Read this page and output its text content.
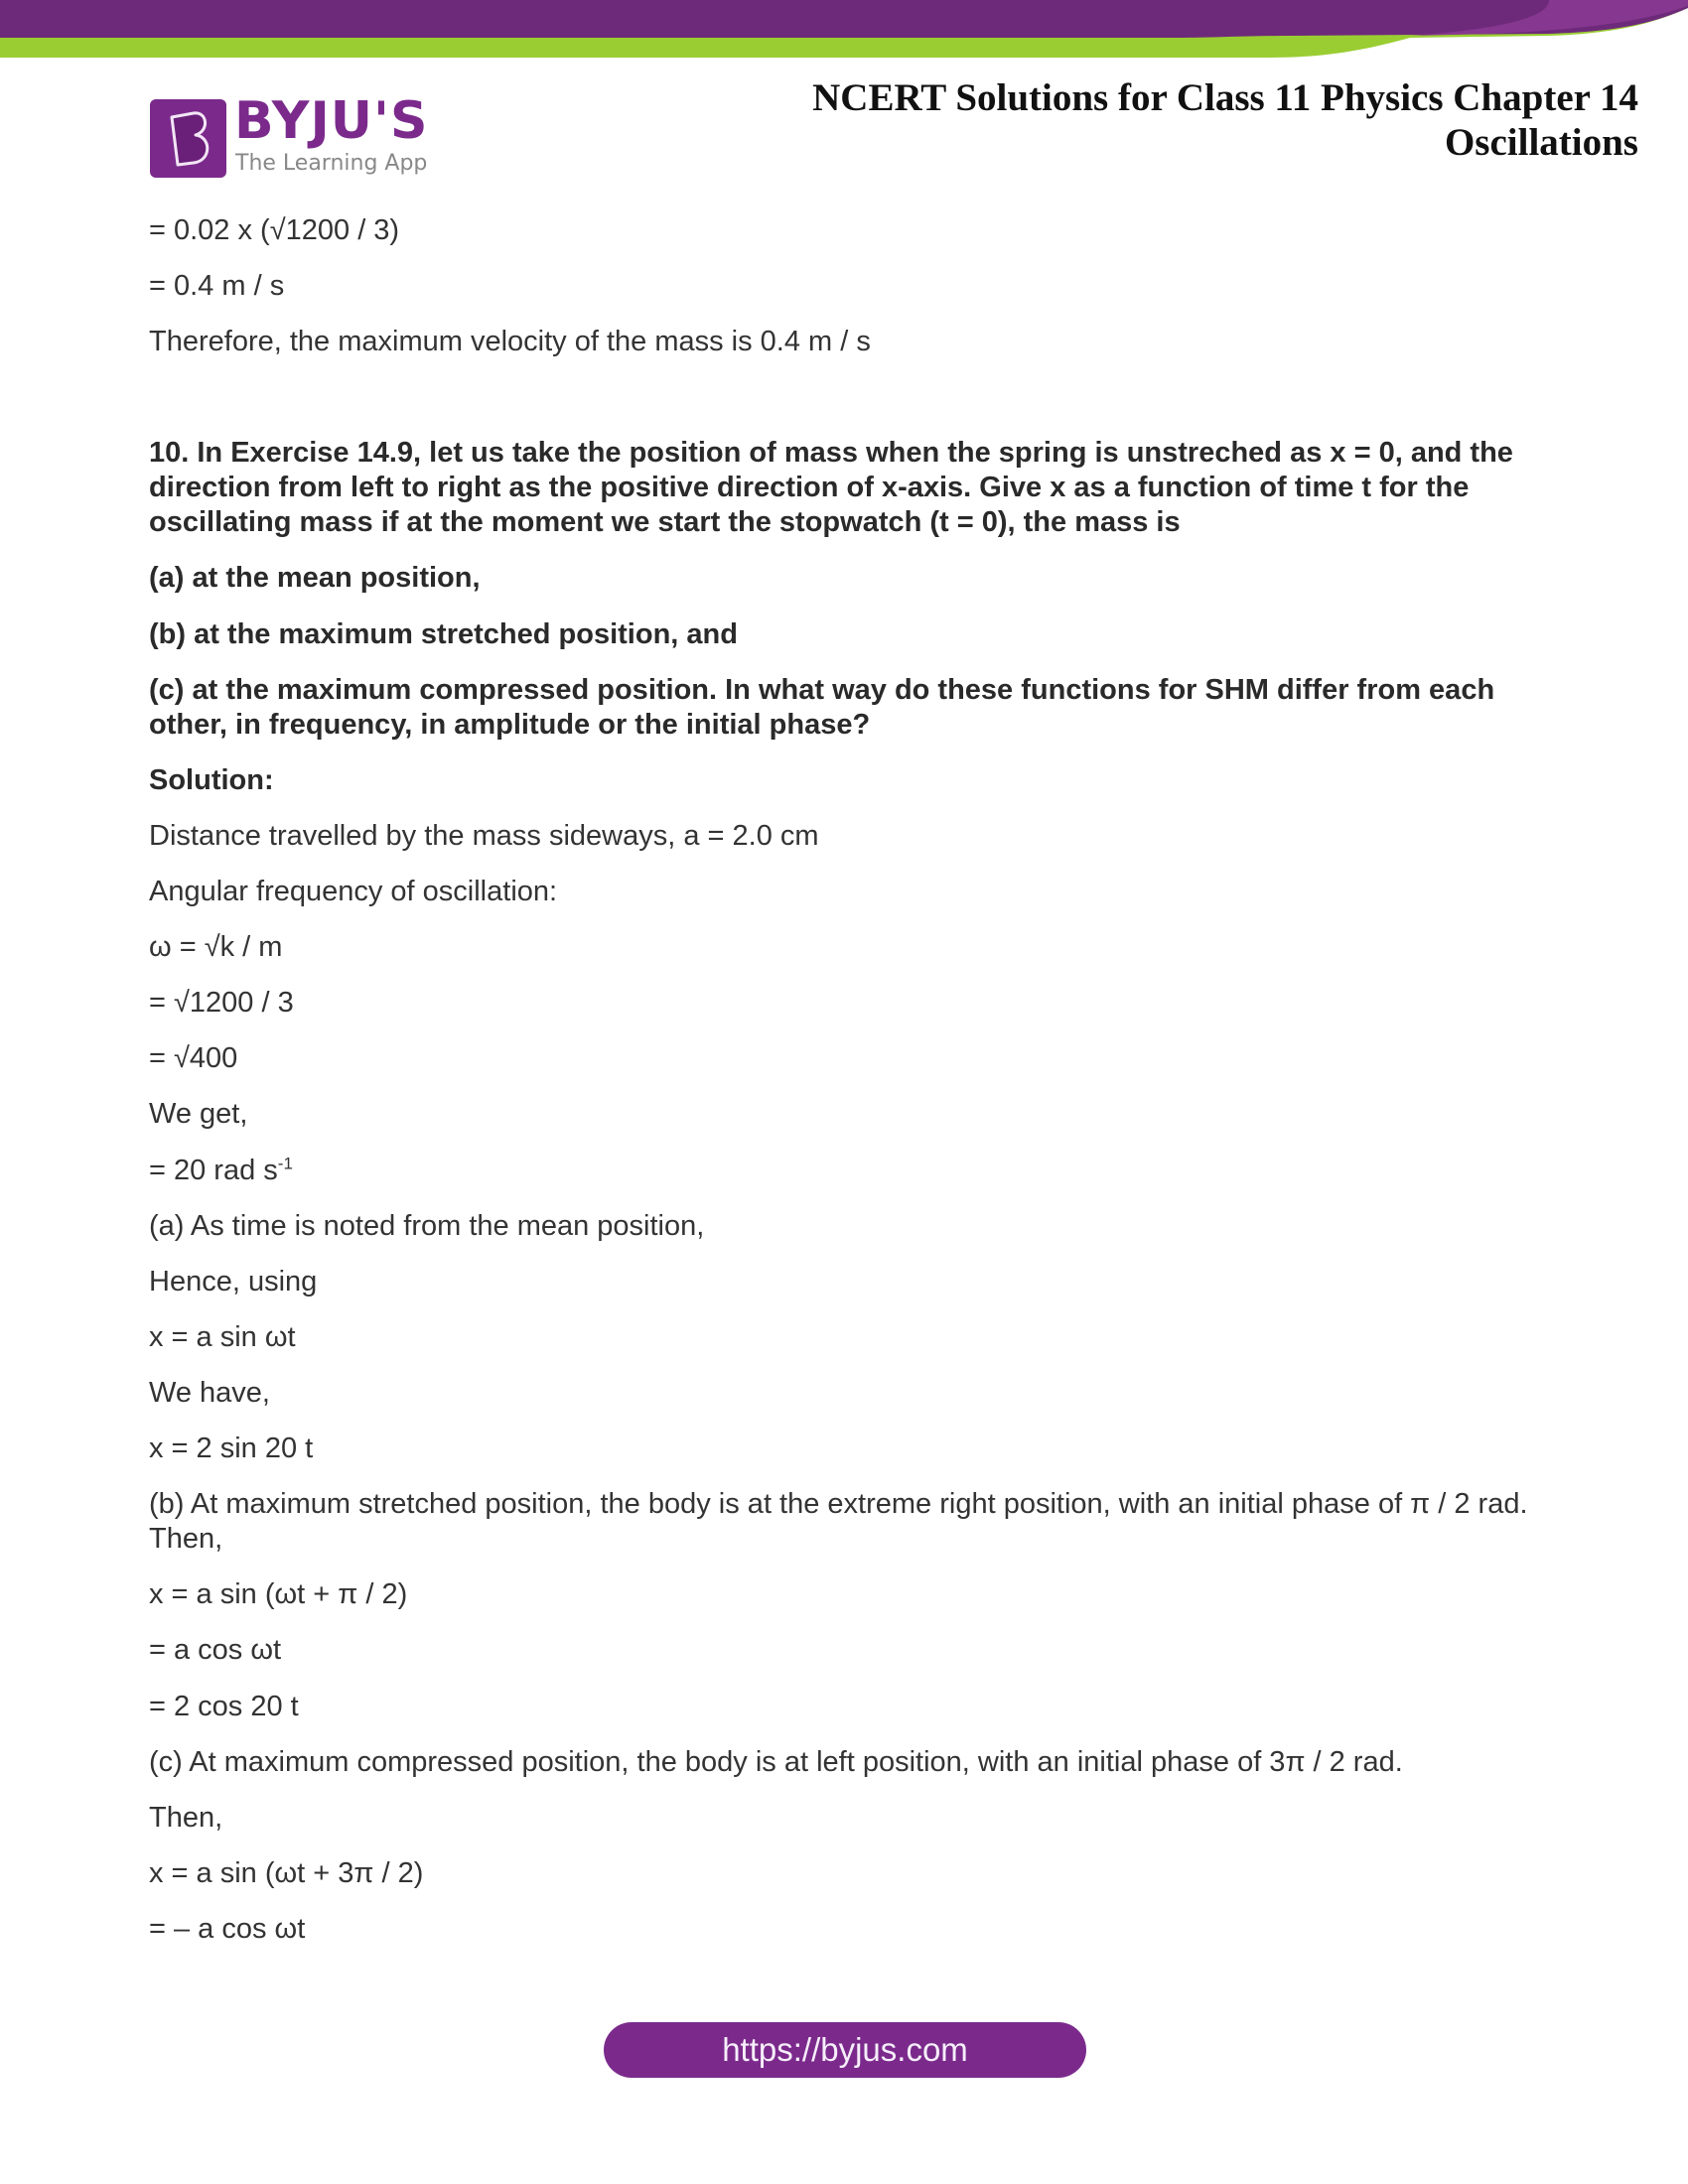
BYJU'S
The Learning App
NCERT Solutions for Class 11 Physics Chapter 14
Oscillations
= 0.02 x (√1200 / 3)
= 0.4 m / s
Therefore, the maximum velocity of the mass is 0.4 m / s
10. In Exercise 14.9, let us take the position of mass when the spring is unstreched as x = 0, and the direction from left to right as the positive direction of x-axis. Give x as a function of time t for the oscillating mass if at the moment we start the stopwatch (t = 0), the mass is
(a) at the mean position,
(b) at the maximum stretched position, and
(c) at the maximum compressed position. In what way do these functions for SHM differ from each other, in frequency, in amplitude or the initial phase?
Solution:
Distance travelled by the mass sideways, a = 2.0 cm
Angular frequency of oscillation:
ω = √k / m
= √1200 / 3
= √400
We get,
= 20 rad $s^{-1}$
(a) As time is noted from the mean position,
Hence, using
x = a sin ωt
We have,
x = 2 sin 20 t
(b) At maximum stretched position, the body is at the extreme right position, with an initial phase of π / 2 rad. Then,
x = a sin (ωt + π / 2)
= a cos ωt
= 2 cos 20 t
(c) At maximum compressed position, the body is at left position, with an initial phase of 3π / 2 rad.
Then,
x = a sin (ωt + 3π / 2)
= – a cos ωt
https://byjus.com
